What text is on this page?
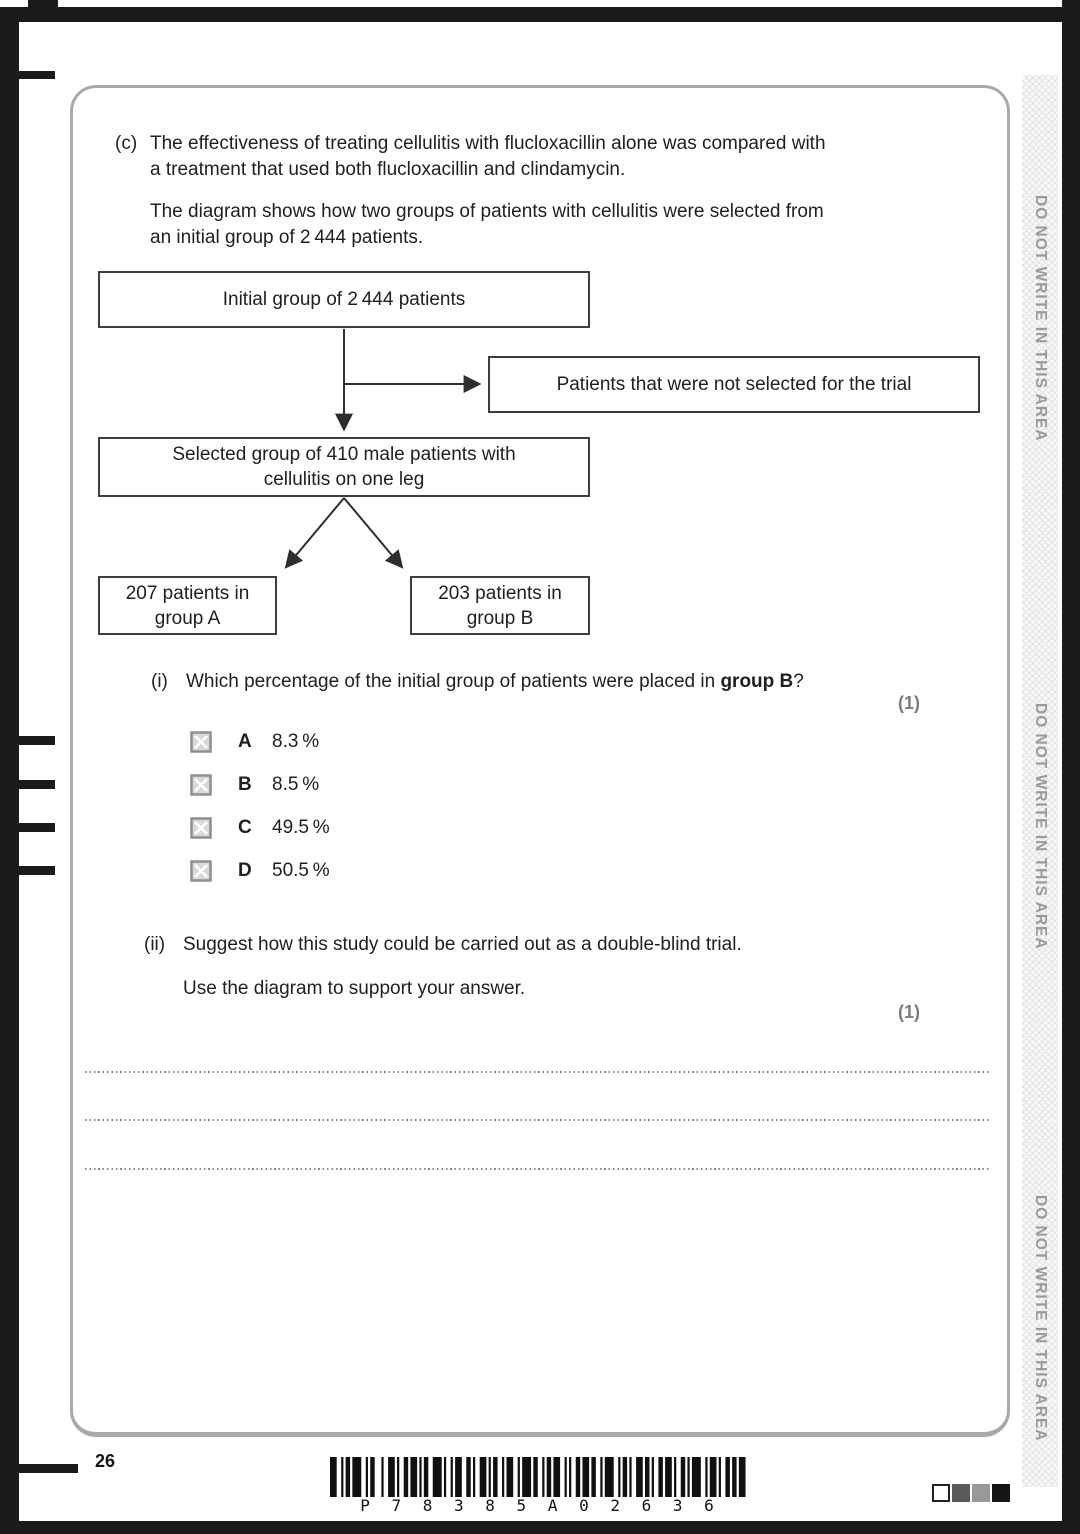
(c) The effectiveness of treating cellulitis with flucloxacillin alone was compared with
a treatment that used both flucloxacillin and clindamycin.
The diagram shows how two groups of patients with cellulitis were selected from
an initial group of 2 444 patients.
Initial group of 2 444 patients
Patients that were not selected for the trial
Selected group of 410 male patients with
cellulitis on one leg
207 patients in
group A
203 patients in
group B
(i) Which percentage of the initial group of patients were placed in group B?
(1)
A	8.3 %
B	8.5 %
C	49.5 %
D	50.5 %
(ii) Suggest how this study could be carried out as a double-blind trial.
Use the diagram to support your answer.
(1)
26
P 7 8 3 8 5 A 0 2 6 3 6
DO NOT WRITE IN THIS AREA
DO NOT WRITE IN THIS AREA
DO NOT WRITE IN THIS AREA
